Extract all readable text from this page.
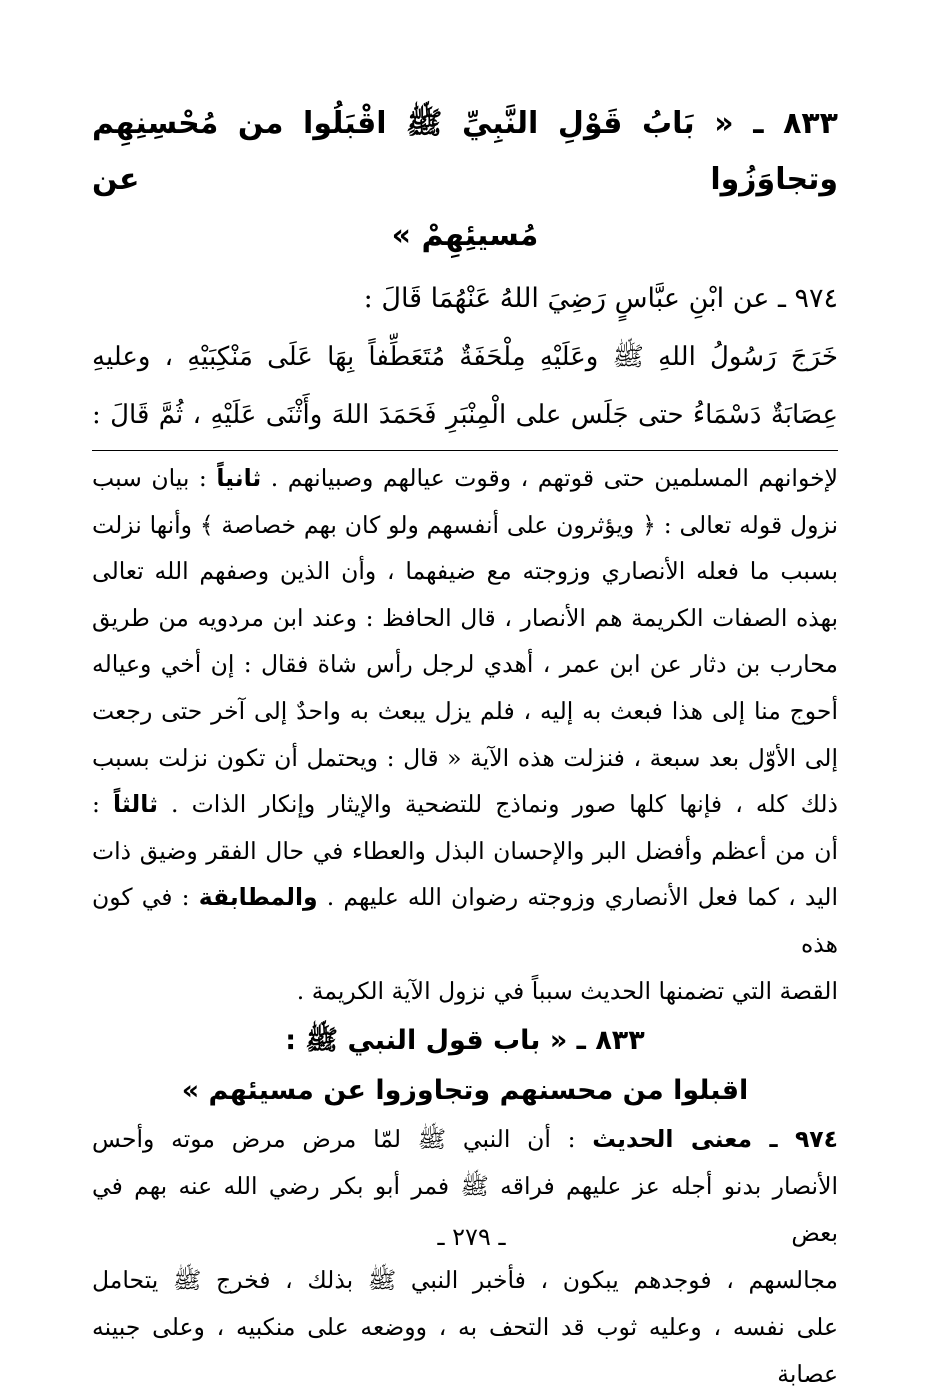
٨٣٣ ـ « بَابُ قَوْلِ النَّبِيِّ ﷺ اقْبَلُوا من مُحْسِنِهِم وتجاوَزُوا عن
مُسيئِهِمْ »

٩٧٤ ـ عن ابْنِ عبَّاسٍ رَضِيَ اللهُ عَنْهُمَا قَالَ :

خَرَجَ رَسُولُ اللهِ ﷺ وعَلَيْهِ مِلْحَفَةٌ مُتَعَطِّفاً بِهَا عَلَى مَنْكِبَيْهِ ، وعليهِ
عِصَابَةٌ دَسْمَاءُ حتى جَلَس على الْمِنْبَرِ فَحَمَدَ اللهَ وأَثْنَى عَلَيْهِ ، ثُمَّ قَالَ :

لإخوانهم المسلمين حتى قوتهم ، وقوت عيالهم وصبيانهم . ثانياً : بيان سبب
نزول قوله تعالى : ﴿ ويؤثرون على أنفسهم ولو كان بهم خصاصة ﴾ وأنها نزلت
بسبب ما فعله الأنصاري وزوجته مع ضيفهما ، وأن الذين وصفهم الله تعالى
بهذه الصفات الكريمة هم الأنصار ، قال الحافظ : وعند ابن مردويه من طريق
محارب بن دثار عن ابن عمر ، أهدي لرجل رأس شاة فقال : إن أخي وعياله
أحوج منا إلى هذا فبعث به إليه ، فلم يزل يبعث به واحدٌ إلى آخر حتى رجعت
إلى الأوّل بعد سبعة ، فنزلت هذه الآية « قال : ويحتمل أن تكون نزلت بسبب
ذلك كله ، فإنها كلها صور ونماذج للتضحية والإيثار وإنكار الذات . ثالثاً :
أن من أعظم وأفضل البر والإحسان البذل والعطاء في حال الفقر وضيق ذات
اليد ، كما فعل الأنصاري وزوجته رضوان الله عليهم . والمطابقة : في كون هذه
القصة التي تضمنها الحديث سبباً في نزول الآية الكريمة .

٨٣٣ ـ « باب قول النبي ﷺ :
اقبلوا من محسنهم وتجاوزوا عن مسيئهم »

٩٧٤ ـ معنى الحديث : أن النبي ﷺ لمّا مرض مرض موته وأحس
الأنصار بدنو أجله عز عليهم فراقه ﷺ فمر أبو بكر رضي الله عنه بهم في بعض
مجالسهم ، فوجدهم يبكون ، فأخبر النبي ﷺ بذلك ، فخرج ﷺ يتحامل
على نفسه ، وعليه ثوب قد التحف به ، ووضعه على منكبيه ، وعلى جبينه عصابة

ـ ٢٧٩ ـ
